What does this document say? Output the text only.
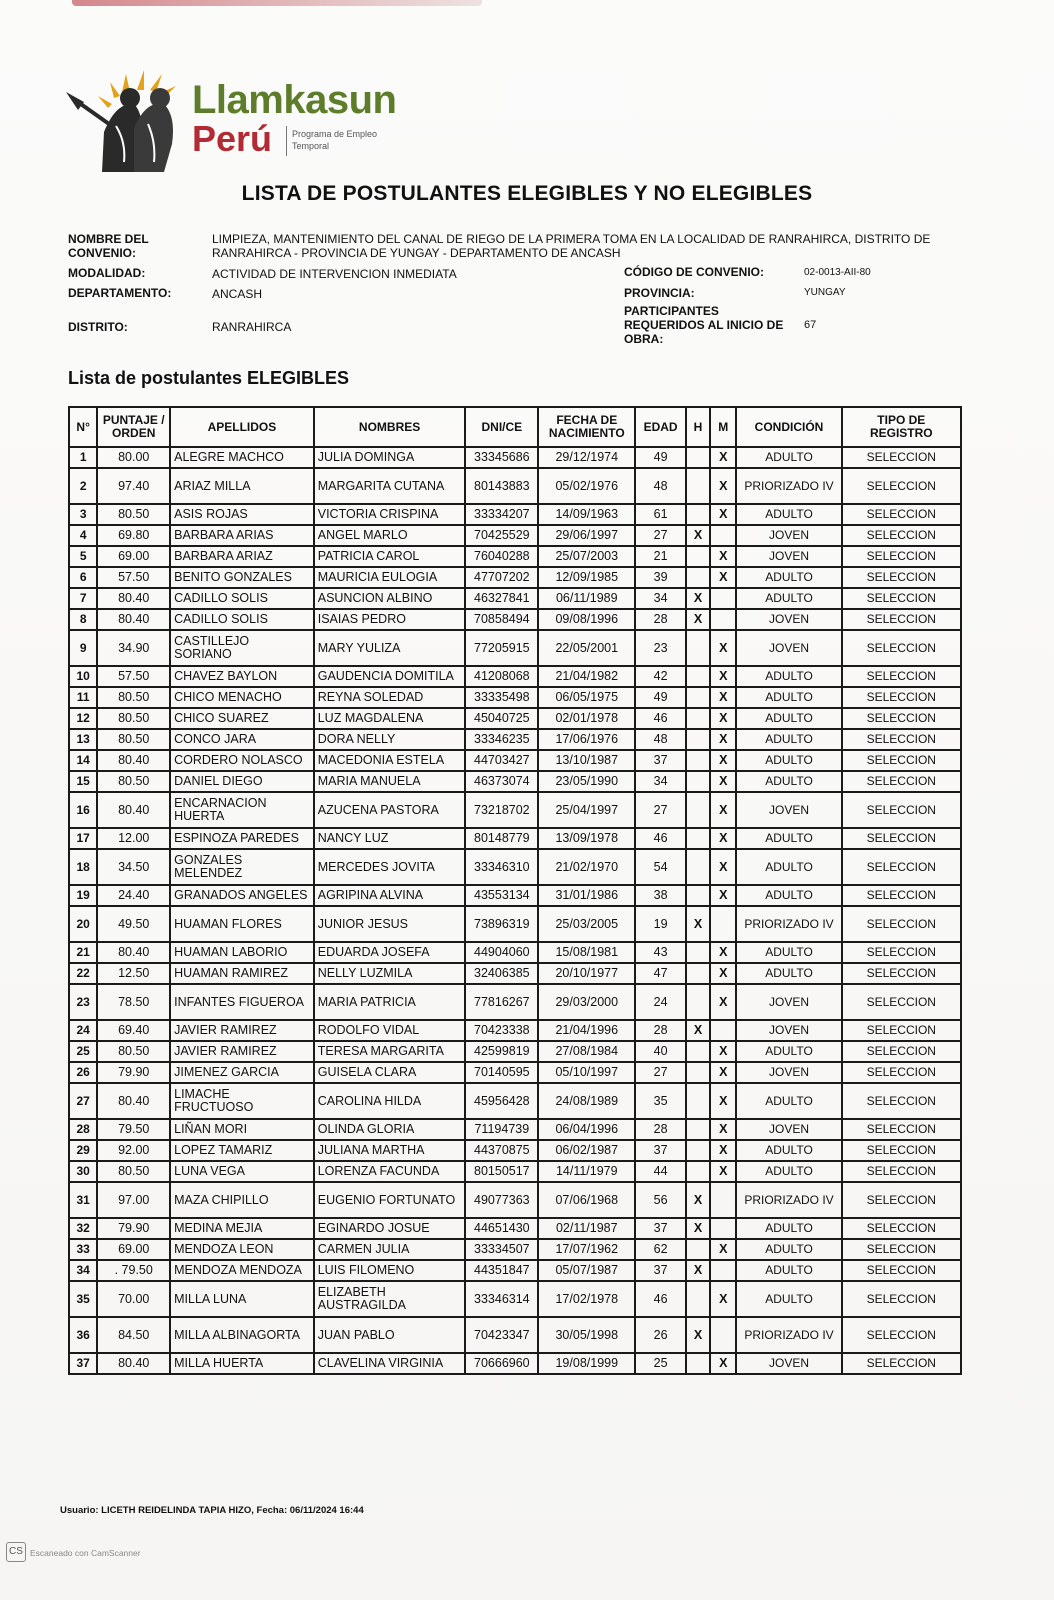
Llamkasun
Perú Programa de Empleo Temporal
LISTA DE POSTULANTES ELEGIBLES Y NO ELEGIBLES
NOMBRE DEL CONVENIO:
LIMPIEZA, MANTENIMIENTO DEL CANAL DE RIEGO DE LA PRIMERA TOMA EN LA LOCALIDAD DE RANRAHIRCA, DISTRITO DE RANRAHIRCA - PROVINCIA DE YUNGAY - DEPARTAMENTO DE ANCASH
MODALIDAD:	ACTIVIDAD DE INTERVENCION INMEDIATA
DEPARTAMENTO:	ANCASH
DISTRITO:	RANRAHIRCA
CÓDIGO DE CONVENIO:	02-0013-AII-80
PROVINCIA:	YUNGAY
PARTICIPANTES REQUERIDOS AL INICIO DE OBRA:
67
Lista de postulantes ELEGIBLES
N°	PUNTAJE / ORDEN	APELLIDOS	NOMBRES	DNI/CE	FECHA DE NACIMIENTO	EDAD	H	M	CONDICIÓN	TIPO DE REGISTRO
1	80.00	ALEGRE MACHCO	JULIA DOMINGA	33345686	29/12/1974	49		X	ADULTO	SELECCION
2	97.40	ARIAZ MILLA	MARGARITA CUTANA	80143883	05/02/1976	48		X	PRIORIZADO IV	SELECCION
3	80.50	ASIS ROJAS	VICTORIA CRISPINA	33334207	14/09/1963	61		X	ADULTO	SELECCION
4	69.80	BARBARA ARIAS	ANGEL MARLO	70425529	29/06/1997	27	X		JOVEN	SELECCION
5	69.00	BARBARA ARIAZ	PATRICIA CAROL	76040288	25/07/2003	21		X	JOVEN	SELECCION
6	57.50	BENITO GONZALES	MAURICIA EULOGIA	47707202	12/09/1985	39		X	ADULTO	SELECCION
7	80.40	CADILLO SOLIS	ASUNCION ALBINO	46327841	06/11/1989	34	X		ADULTO	SELECCION
8	80.40	CADILLO SOLIS	ISAIAS PEDRO	70858494	09/08/1996	28	X		JOVEN	SELECCION
9	34.90	CASTILLEJO SORIANO	MARY YULIZA	77205915	22/05/2001	23		X	JOVEN	SELECCION
10	57.50	CHAVEZ BAYLON	GAUDENCIA DOMITILA	41208068	21/04/1982	42		X	ADULTO	SELECCION
11	80.50	CHICO MENACHO	REYNA SOLEDAD	33335498	06/05/1975	49		X	ADULTO	SELECCION
12	80.50	CHICO SUAREZ	LUZ MAGDALENA	45040725	02/01/1978	46		X	ADULTO	SELECCION
13	80.50	CONCO JARA	DORA NELLY	33346235	17/06/1976	48		X	ADULTO	SELECCION
14	80.40	CORDERO NOLASCO	MACEDONIA ESTELA	44703427	13/10/1987	37		X	ADULTO	SELECCION
15	80.50	DANIEL DIEGO	MARIA MANUELA	46373074	23/05/1990	34		X	ADULTO	SELECCION
16	80.40	ENCARNACION HUERTA	AZUCENA PASTORA	73218702	25/04/1997	27		X	JOVEN	SELECCION
17	12.00	ESPINOZA PAREDES	NANCY LUZ	80148779	13/09/1978	46		X	ADULTO	SELECCION
18	34.50	GONZALES MELENDEZ	MERCEDES JOVITA	33346310	21/02/1970	54		X	ADULTO	SELECCION
19	24.40	GRANADOS ANGELES	AGRIPINA ALVINA	43553134	31/01/1986	38		X	ADULTO	SELECCION
20	49.50	HUAMAN FLORES	JUNIOR JESUS	73896319	25/03/2005	19	X		PRIORIZADO IV	SELECCION
21	80.40	HUAMAN LABORIO	EDUARDA JOSEFA	44904060	15/08/1981	43		X	ADULTO	SELECCION
22	12.50	HUAMAN RAMIREZ	NELLY LUZMILA	32406385	20/10/1977	47		X	ADULTO	SELECCION
23	78.50	INFANTES FIGUEROA	MARIA PATRICIA	77816267	29/03/2000	24		X	JOVEN	SELECCION
24	69.40	JAVIER RAMIREZ	RODOLFO VIDAL	70423338	21/04/1996	28	X		JOVEN	SELECCION
25	80.50	JAVIER RAMIREZ	TERESA MARGARITA	42599819	27/08/1984	40		X	ADULTO	SELECCION
26	79.90	JIMENEZ GARCIA	GUISELA CLARA	70140595	05/10/1997	27		X	JOVEN	SELECCION
27	80.40	LIMACHE FRUCTUOSO	CAROLINA HILDA	45956428	24/08/1989	35		X	ADULTO	SELECCION
28	79.50	LIÑAN MORI	OLINDA GLORIA	71194739	06/04/1996	28		X	JOVEN	SELECCION
29	92.00	LOPEZ TAMARIZ	JULIANA MARTHA	44370875	06/02/1987	37		X	ADULTO	SELECCION
30	80.50	LUNA VEGA	LORENZA FACUNDA	80150517	14/11/1979	44		X	ADULTO	SELECCION
31	97.00	MAZA CHIPILLO	EUGENIO FORTUNATO	49077363	07/06/1968	56	X		PRIORIZADO IV	SELECCION
32	79.90	MEDINA MEJIA	EGINARDO JOSUE	44651430	02/11/1987	37	X		ADULTO	SELECCION
33	69.00	MENDOZA LEON	CARMEN JULIA	33334507	17/07/1962	62		X	ADULTO	SELECCION
34	. 79.50	MENDOZA MENDOZA	LUIS FILOMENO	44351847	05/07/1987	37	X		ADULTO	SELECCION
35	70.00	MILLA LUNA	ELIZABETH AUSTRAGILDA	33346314	17/02/1978	46		X	ADULTO	SELECCION
36	84.50	MILLA ALBINAGORTA	JUAN PABLO	70423347	30/05/1998	26	X		PRIORIZADO IV	SELECCION
37	80.40	MILLA HUERTA	CLAVELINA VIRGINIA	70666960	19/08/1999	25		X	JOVEN	SELECCION
Usuario: LICETH REIDELINDA TAPIA HIZO, Fecha: 06/11/2024 16:44
CS Escaneado con CamScanner
